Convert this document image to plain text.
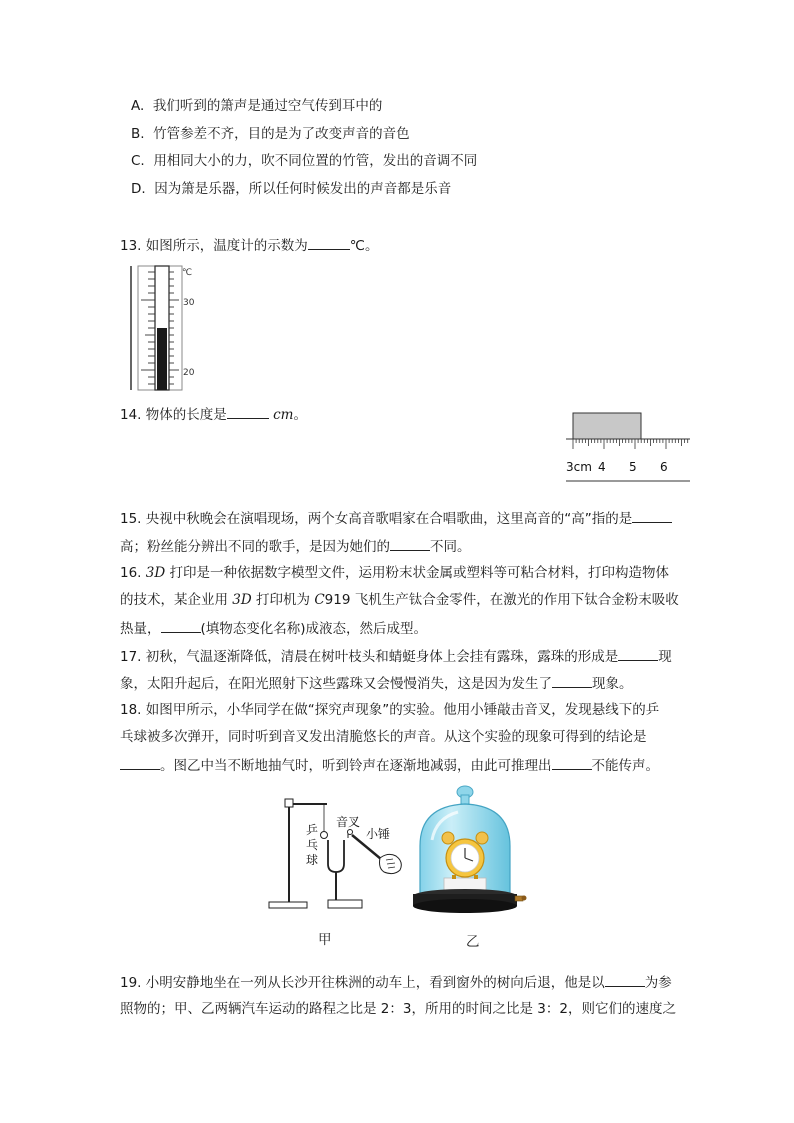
A. 我们听到的箫声是通过空气传到耳中的
B. 竹管参差不齐，目的是为了改变声音的音色
C. 用相同大小的力，吹不同位置的竹管，发出的音调不同
D. 因为箫是乐器，所以任何时候发出的声音都是乐音
13. 如图所示，温度计的示数为	℃。
℃
30
20
14. 物体的长度是	cm。
3cm 4 5 6
15. 央视中秋晚会在演唱现场，两个女高音歌唱家在合唱歌曲，这里高音的“高”指的是
高；粉丝能分辨出不同的歌手，是因为她们的	不同。
16. 3D 打印是一种依据数字模型文件，运用粉末状金属或塑料等可粘合材料，打印构造物体
的技术，某企业用 3D 打印机为 C919 飞机生产钛合金零件，在激光的作用下钛合金粉末吸收
热量，	(填物态变化名称)成液态，然后成型。
17. 初秋，气温逐渐降低，清晨在树叶枝头和蜻蜓身体上会挂有露珠，露珠的形成是	现
象，太阳升起后，在阳光照射下这些露珠又会慢慢消失，这是因为发生了	现象。
18. 如图甲所示，小华同学在做“探究声现象”的实验。他用小锤敲击音叉，发现悬线下的乒
乓球被多次弹开，同时听到音叉发出清脆悠长的声音。从这个实验的现象可得到的结论是
。图乙中当不断地抽气时，听到铃声在逐渐地减弱，由此可推理出	不能传声。
乒
乓
球
音叉
小锤
甲	乙
19. 小明安静地坐在一列从长沙开往株洲的动车上，看到窗外的树向后退，他是以	为参
照物的；甲、乙两辆汽车运动的路程之比是 2：3，所用的时间之比是 3：2，则它们的速度之
